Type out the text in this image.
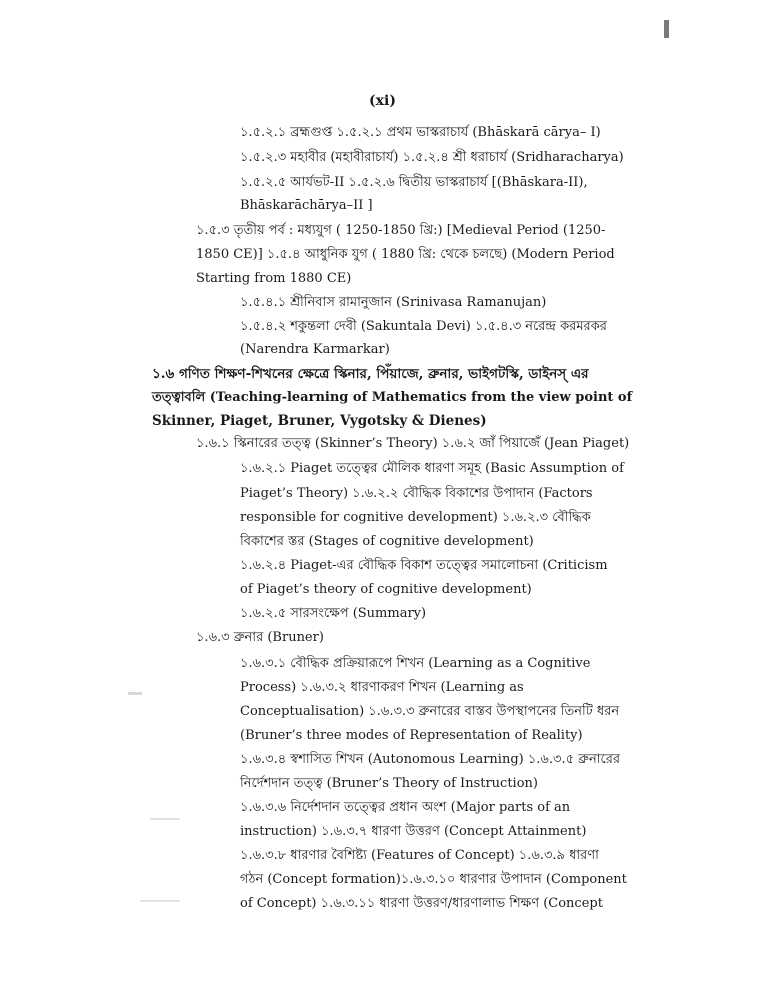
(xi)
১.৫.২.১ ব্রহ্মগুপ্ত ১.৫.২.১ প্রথম ভাস্করাচার্য (Bhāskarā cārya– I)
১.৫.২.৩ মহাবীর (মহাবীরাচার্য) ১.৫.২.৪ শ্রী ধরাচার্য (Sridharacharya)
১.৫.২.৫ আর্যভট-II ১.৫.২.৬ দ্বিতীয় ভাস্করাচার্য [(Bhāskara-II),
Bhāskarāchārya–II ]
১.৫.৩ তৃতীয় পর্ব : মধ্যযুগ ( 1250-1850 খ্রি:) [Medieval Period (1250-
1850 CE)] ১.৫.৪ আধুনিক যুগ ( 1880 খ্রি: থেকে চলছে) (Modern Period
Starting from 1880 CE)
১.৫.৪.১ শ্রীনিবাস রামানুজান (Srinivasa Ramanujan)
১.৫.৪.২ শকুন্তলা দেবী (Sakuntala Devi) ১.৫.৪.৩ নরেন্দ্র করমরকর
(Narendra Karmarkar)
১.৬ গণিত শিক্ষণ-শিখনের ক্ষেত্রে স্কিনার, পিঁয়াজে, ব্রুনার, ভাইগটস্কি, ডাইনস্ এর
তত্ত্বাবলি (Teaching-learning of Mathematics from the view point of
Skinner, Piaget, Bruner, Vygotsky & Dienes)
১.৬.১ স্কিনারের তত্ত্ব (Skinner’s Theory) ১.৬.২ জাঁ পিয়াজেঁ (Jean Piaget)
১.৬.২.১ Piaget তত্ত্বের মৌলিক ধারণা সমূহ (Basic Assumption of
Piaget’s Theory) ১.৬.২.২ বৌদ্ধিক বিকাশের উপাদান (Factors
responsible for cognitive development) ১.৬.২.৩ বৌদ্ধিক
বিকাশের স্তর (Stages of cognitive development)
১.৬.২.৪ Piaget-এর বৌদ্ধিক বিকাশ তত্ত্বের সমালোচনা (Criticism
of Piaget’s theory of cognitive development)
১.৬.২.৫ সারসংক্ষেপ (Summary)
১.৬.৩ ব্রুনার (Bruner)
১.৬.৩.১ বৌদ্ধিক প্রক্রিয়ারূপে শিখন (Learning as a Cognitive
Process) ১.৬.৩.২ ধারণাকরণ শিখন (Learning as
Conceptualisation) ১.৬.৩.৩ ব্রুনারের বাস্তব উপস্থাপনের তিনটি ধরন
(Bruner’s three modes of Representation of Reality)
১.৬.৩.৪ স্বশাসিত শিখন (Autonomous Learning) ১.৬.৩.৫ ব্রুনারের
নির্দেশদান তত্ত্ব (Bruner’s Theory of Instruction)
১.৬.৩.৬ নির্দেশদান তত্ত্বের প্রধান অংশ (Major parts of an
instruction) ১.৬.৩.৭ ধারণা উত্তরণ (Concept Attainment)
১.৬.৩.৮ ধারণার বৈশিষ্ট্য (Features of Concept) ১.৬.৩.৯ ধারণা
গঠন (Concept formation)১.৬.৩.১০ ধারণার উপাদান (Component
of Concept) ১.৬.৩.১১ ধারণা উত্তরণ/ধারণালাভ শিক্ষণ (Concept
